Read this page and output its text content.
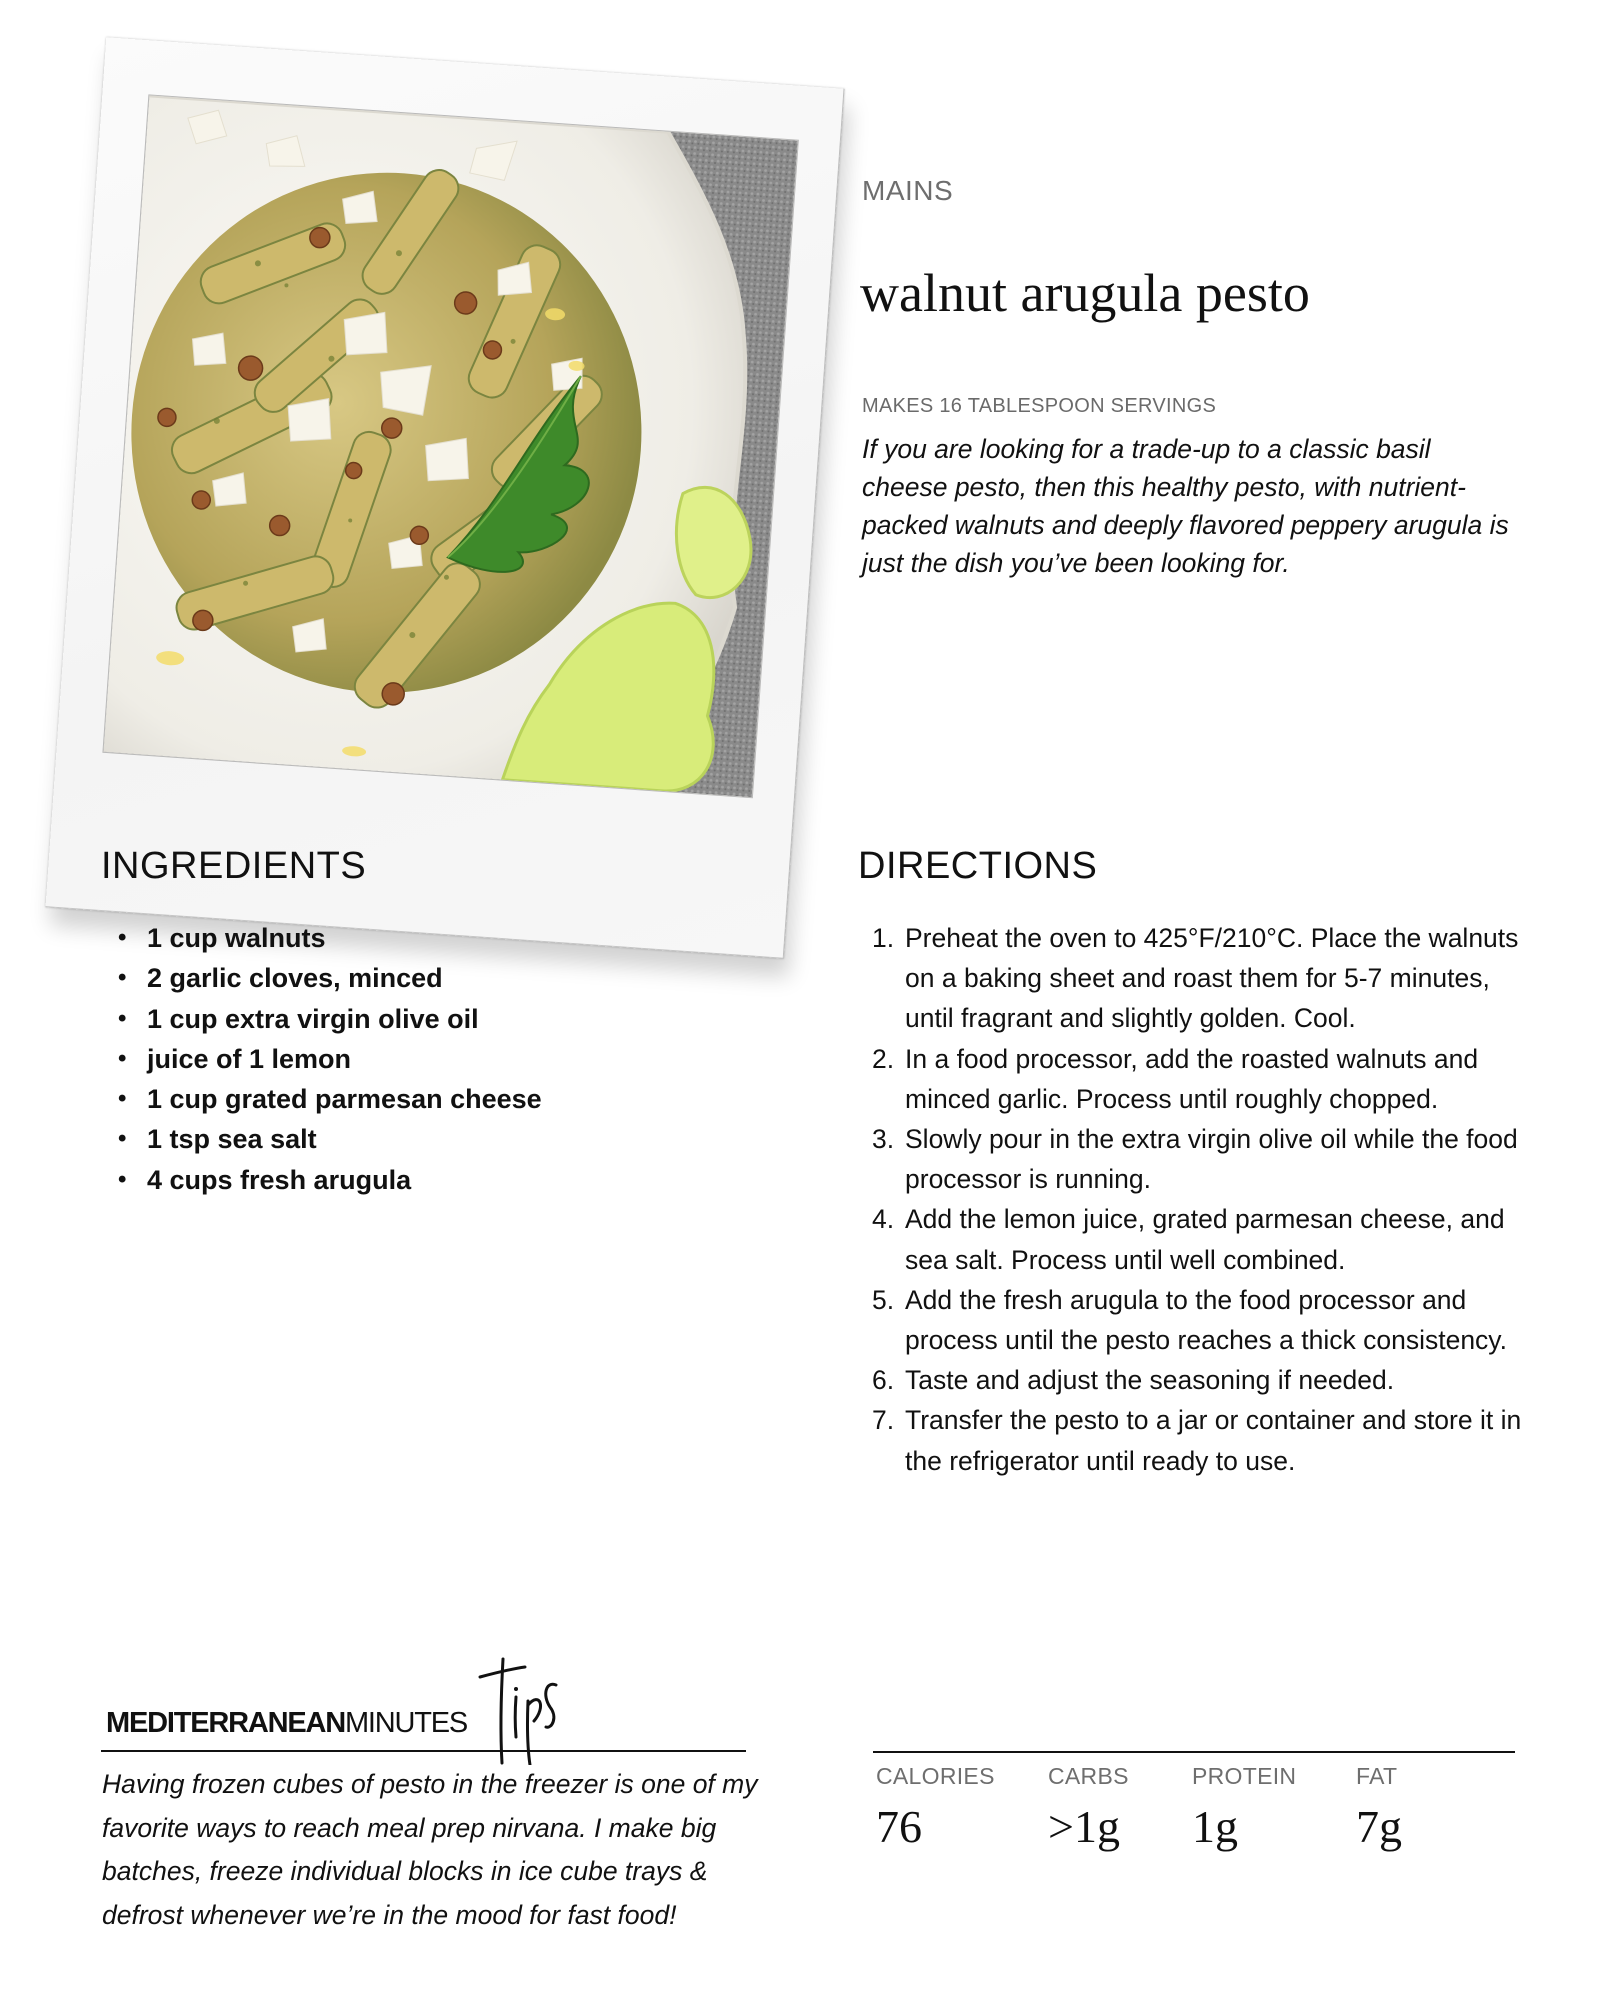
MAINS
walnut arugula pesto
MAKES 16 TABLESPOON SERVINGS
If you are looking for a trade-up to a classic basil cheese pesto, then this healthy pesto, with nutrient-packed walnuts and deeply flavored peppery arugula is just the dish you’ve been looking for.
INGREDIENTS
• 1 cup walnuts
• 2 garlic cloves, minced
• 1 cup extra virgin olive oil
• juice of 1 lemon
• 1 cup grated parmesan cheese
• 1 tsp sea salt
• 4 cups fresh arugula
DIRECTIONS
1. Preheat the oven to 425°F/210°C. Place the walnuts on a baking sheet and roast them for 5-7 minutes, until fragrant and slightly golden. Cool.
2. In a food processor, add the roasted walnuts and minced garlic. Process until roughly chopped.
3. Slowly pour in the extra virgin olive oil while the food processor is running.
4. Add the lemon juice, grated parmesan cheese, and sea salt. Process until well combined.
5. Add the fresh arugula to the food processor and process until the pesto reaches a thick consistency.
6. Taste and adjust the seasoning if needed.
7. Transfer the pesto to a jar or container and store it in the refrigerator until ready to use.
MEDITERRANEANMINUTES
Having frozen cubes of pesto in the freezer is one of my favorite ways to reach meal prep nirvana. I make big batches, freeze individual blocks in ice cube trays & defrost whenever we’re in the mood for fast food!
CALORIES
76
CARBS
>1g
PROTEIN
1g
FAT
7g
